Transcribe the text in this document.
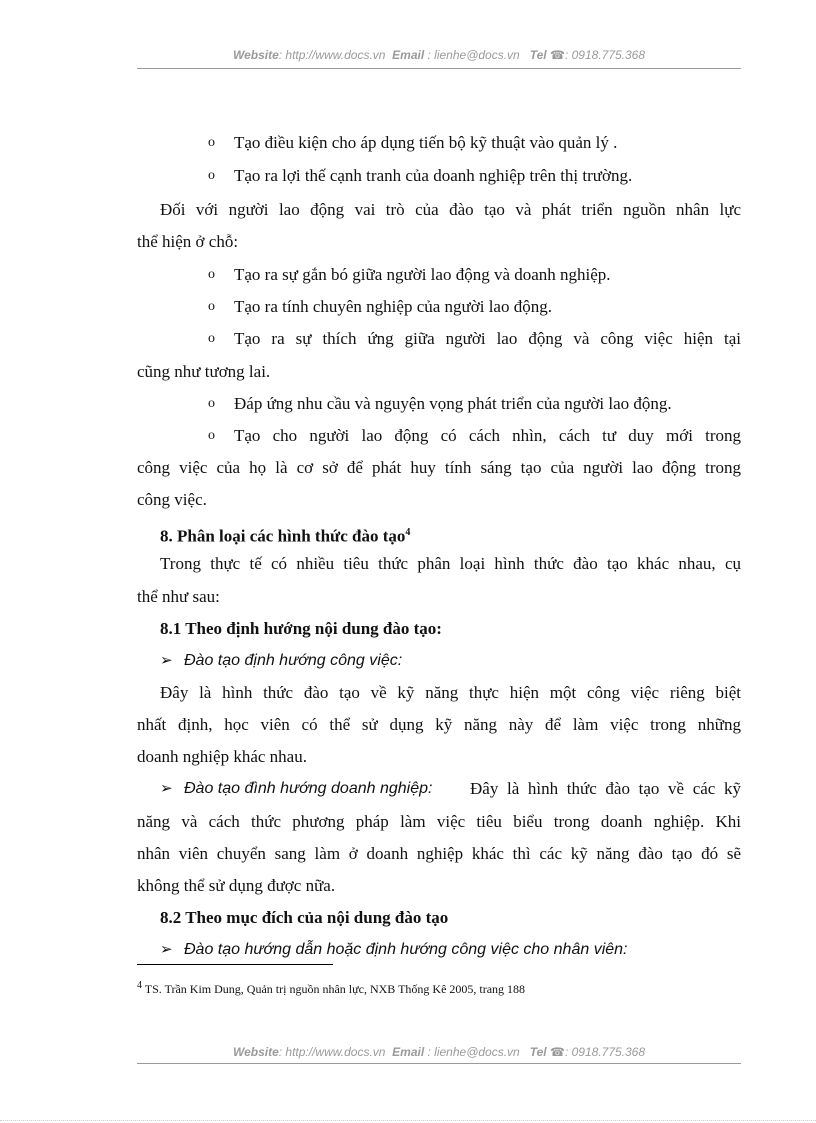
Website: http://www.docs.vn Email : lienhe@docs.vn Tel ☎: 0918.775.368
o Tạo điều kiện cho áp dụng tiến bộ kỹ thuật vào quản lý .
o Tạo ra lợi thế cạnh tranh của doanh nghiệp trên thị trường.
Đối với người lao động vai trò của đào tạo và phát triển nguồn nhân lực
thể hiện ở chỗ:
o Tạo ra sự gắn bó giữa người lao động và doanh nghiệp.
o Tạo ra tính chuyên nghiệp của người lao động.
o Tạo ra sự thích ứng giữa người lao động và công việc hiện tại
cũng như tương lai.
o Đáp ứng nhu cầu và nguyện vọng phát triển của người lao động.
o Tạo cho người lao động có cách nhìn, cách tư duy mới trong
công việc của họ là cơ sở để phát huy tính sáng tạo của người lao động trong
công việc.
8. Phân loại các hình thức đào tạo$^4$
Trong thực tế có nhiều tiêu thức phân loại hình thức đào tạo khác nhau, cụ
thể như sau:
8.1 Theo định hướng nội dung đào tạo:
➢ Đào tạo định hướng công việc:
Đây là hình thức đào tạo về kỹ năng thực hiện một công việc riêng biệt
nhất định, học viên có thể sử dụng kỹ năng này để làm việc trong những
doanh nghiệp khác nhau.
➢ Đào tạo đình hướng doanh nghiệp: Đây là hình thức đào tạo về các kỹ
năng và cách thức phương pháp làm việc tiêu biểu trong doanh nghiệp. Khi
nhân viên chuyển sang làm ở doanh nghiệp khác thì các kỹ năng đào tạo đó sẽ
không thể sử dụng được nữa.
8.2 Theo mục đích của nội dung đào tạo
➢ Đào tạo hướng dẫn hoặc định hướng công việc cho nhân viên:
$^4$ TS. Trần Kim Dung, Quản trị nguồn nhân lực, NXB Thống Kê 2005, trang 188
Website: http://www.docs.vn Email : lienhe@docs.vn Tel ☎: 0918.775.368
